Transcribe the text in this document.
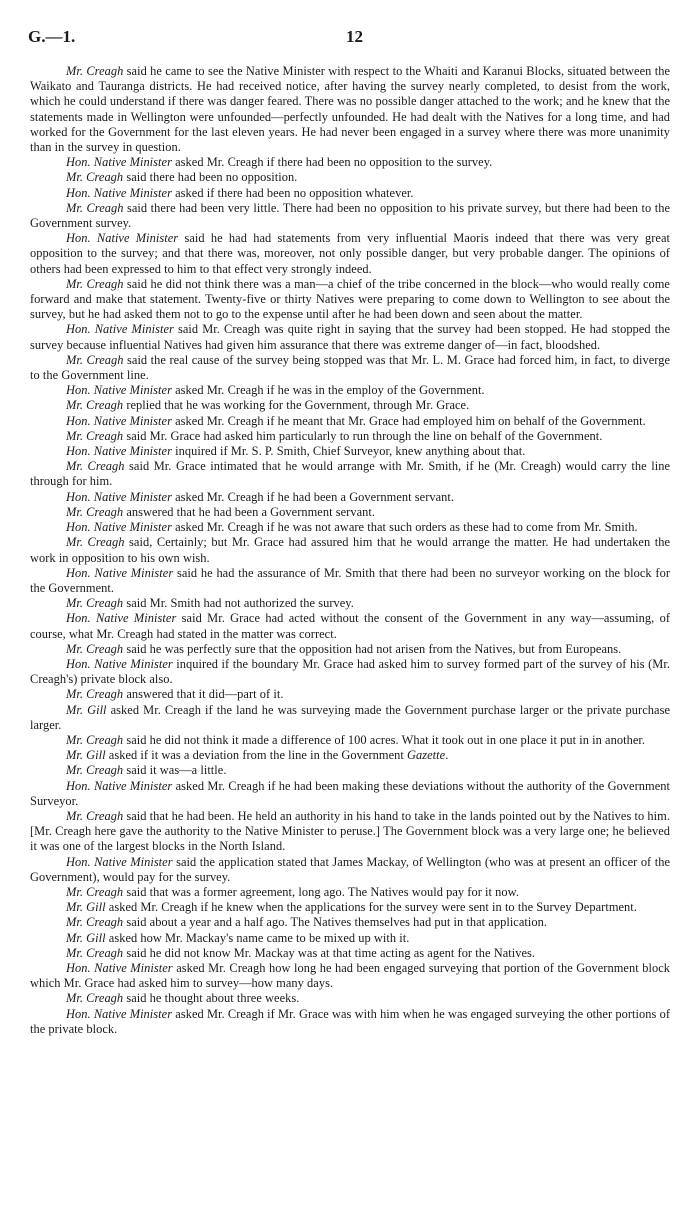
G.—1.	12

Mr. Creagh said he came to see the Native Minister with respect to the Whaiti and Karanui Blocks, situated between the Waikato and Tauranga districts. He had received notice, after having the survey nearly completed, to desist from the work, which he could understand if there was danger feared. There was no possible danger attached to the work; and he knew that the statements made in Wellington were unfounded—perfectly unfounded. He had dealt with the Natives for a long time, and had worked for the Government for the last eleven years. He had never been engaged in a survey where there was more unanimity than in the survey in question.

Hon. Native Minister asked Mr. Creagh if there had been no opposition to the survey.

Mr. Creagh said there had been no opposition.

Hon. Native Minister asked if there had been no opposition whatever.

Mr. Creagh said there had been very little. There had been no opposition to his private survey, but there had been to the Government survey.

Hon. Native Minister said he had had statements from very influential Maoris indeed that there was very great opposition to the survey; and that there was, moreover, not only possible danger, but very probable danger. The opinions of others had been expressed to him to that effect very strongly indeed.

Mr. Creagh said he did not think there was a man—a chief of the tribe concerned in the block—who would really come forward and make that statement. Twenty-five or thirty Natives were preparing to come down to Wellington to see about the survey, but he had asked them not to go to the expense until after he had been down and seen about the matter.

Hon. Native Minister said Mr. Creagh was quite right in saying that the survey had been stopped. He had stopped the survey because influential Natives had given him assurance that there was extreme danger of—in fact, bloodshed.

Mr. Creagh said the real cause of the survey being stopped was that Mr. L. M. Grace had forced him, in fact, to diverge to the Government line.

Hon. Native Minister asked Mr. Creagh if he was in the employ of the Government.

Mr. Creagh replied that he was working for the Government, through Mr. Grace.

Hon. Native Minister asked Mr. Creagh if he meant that Mr. Grace had employed him on behalf of the Government.

Mr. Creagh said Mr. Grace had asked him particularly to run through the line on behalf of the Government.

Hon. Native Minister inquired if Mr. S. P. Smith, Chief Surveyor, knew anything about that.

Mr. Creagh said Mr. Grace intimated that he would arrange with Mr. Smith, if he (Mr. Creagh) would carry the line through for him.

Hon. Native Minister asked Mr. Creagh if he had been a Government servant.

Mr. Creagh answered that he had been a Government servant.

Hon. Native Minister asked Mr. Creagh if he was not aware that such orders as these had to come from Mr. Smith.

Mr. Creagh said, Certainly; but Mr. Grace had assured him that he would arrange the matter. He had undertaken the work in opposition to his own wish.

Hon. Native Minister said he had the assurance of Mr. Smith that there had been no surveyor working on the block for the Government.

Mr. Creagh said Mr. Smith had not authorized the survey.

Hon. Native Minister said Mr. Grace had acted without the consent of the Government in any way—assuming, of course, what Mr. Creagh had stated in the matter was correct.

Mr. Creagh said he was perfectly sure that the opposition had not arisen from the Natives, but from Europeans.

Hon. Native Minister inquired if the boundary Mr. Grace had asked him to survey formed part of the survey of his (Mr. Creagh's) private block also.

Mr. Creagh answered that it did—part of it.

Mr. Gill asked Mr. Creagh if the land he was surveying made the Government purchase larger or the private purchase larger.

Mr. Creagh said he did not think it made a difference of 100 acres. What it took out in one place it put in in another.

Mr. Gill asked if it was a deviation from the line in the Government Gazette.

Mr. Creagh said it was—a little.

Hon. Native Minister asked Mr. Creagh if he had been making these deviations without the authority of the Government Surveyor.

Mr. Creagh said that he had been. He held an authority in his hand to take in the lands pointed out by the Natives to him. [Mr. Creagh here gave the authority to the Native Minister to peruse.] The Government block was a very large one; he believed it was one of the largest blocks in the North Island.

Hon. Native Minister said the application stated that James Mackay, of Wellington (who was at present an officer of the Government), would pay for the survey.

Mr. Creagh said that was a former agreement, long ago. The Natives would pay for it now.

Mr. Gill asked Mr. Creagh if he knew when the applications for the survey were sent in to the Survey Department.

Mr. Creagh said about a year and a half ago. The Natives themselves had put in that application.

Mr. Gill asked how Mr. Mackay's name came to be mixed up with it.

Mr. Creagh said he did not know Mr. Mackay was at that time acting as agent for the Natives.

Hon. Native Minister asked Mr. Creagh how long he had been engaged surveying that portion of the Government block which Mr. Grace had asked him to survey—how many days.

Mr. Creagh said he thought about three weeks.

Hon. Native Minister asked Mr. Creagh if Mr. Grace was with him when he was engaged surveying the other portions of the private block.
